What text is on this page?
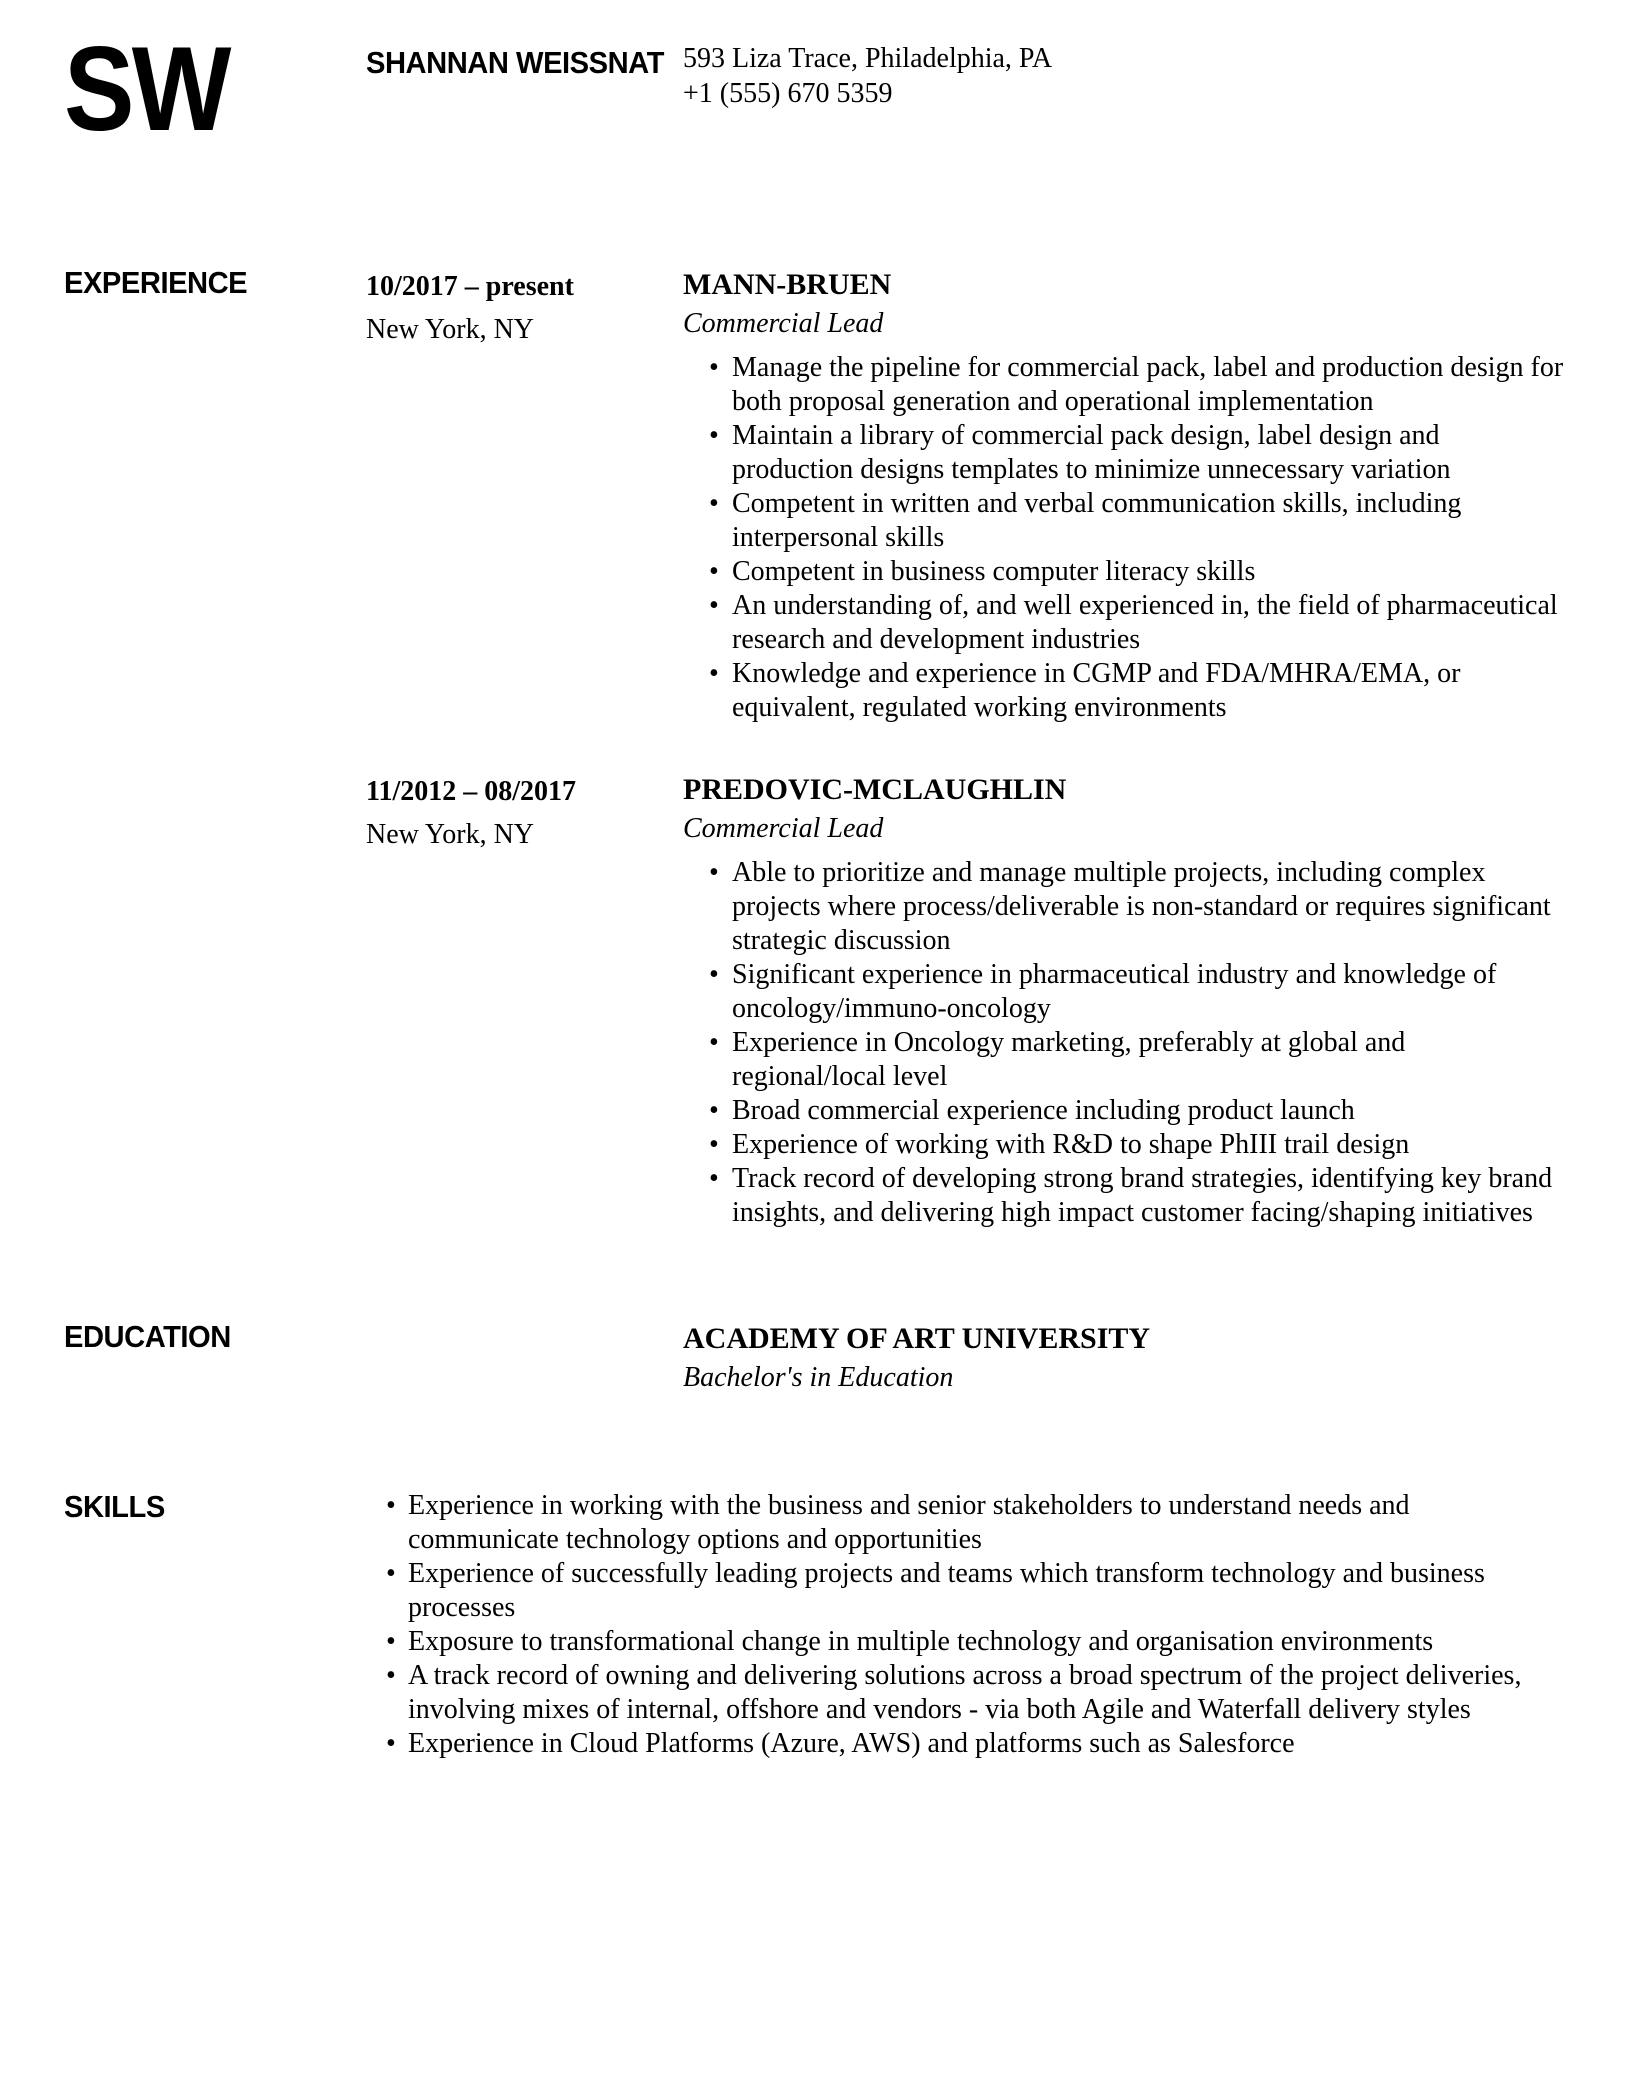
SW	SHANNAN WEISSNAT 593 Liza Trace, Philadelphia, PA
+1 (555) 670 5359
EXPERIENCE	10/2017 – present
New York, NY
MANN-BRUEN
Commercial Lead
• Manage the pipeline for commercial pack, label and production design for both proposal generation and operational implementation
• Maintain a library of commercial pack design, label design and production designs templates to minimize unnecessary variation
• Competent in written and verbal communication skills, including interpersonal skills
• Competent in business computer literacy skills
• An understanding of, and well experienced in, the field of pharmaceutical research and development industries
• Knowledge and experience in CGMP and FDA/MHRA/EMA, or equivalent, regulated working environments
11/2012 – 08/2017
New York, NY
PREDOVIC-MCLAUGHLIN
Commercial Lead
• Able to prioritize and manage multiple projects, including complex projects where process/deliverable is non-standard or requires significant strategic discussion
• Significant experience in pharmaceutical industry and knowledge of oncology/immuno-oncology
• Experience in Oncology marketing, preferably at global and regional/local level
• Broad commercial experience including product launch
• Experience of working with R&D to shape PhIII trail design
• Track record of developing strong brand strategies, identifying key brand insights, and delivering high impact customer facing/shaping initiatives
EDUCATION	ACADEMY OF ART UNIVERSITY
Bachelor's in Education
SKILLS	• Experience in working with the business and senior stakeholders to understand needs and communicate technology options and opportunities
• Experience of successfully leading projects and teams which transform technology and business processes
• Exposure to transformational change in multiple technology and organisation environments
• A track record of owning and delivering solutions across a broad spectrum of the project deliveries, involving mixes of internal, offshore and vendors - via both Agile and Waterfall delivery styles
• Experience in Cloud Platforms (Azure, AWS) and platforms such as Salesforce
